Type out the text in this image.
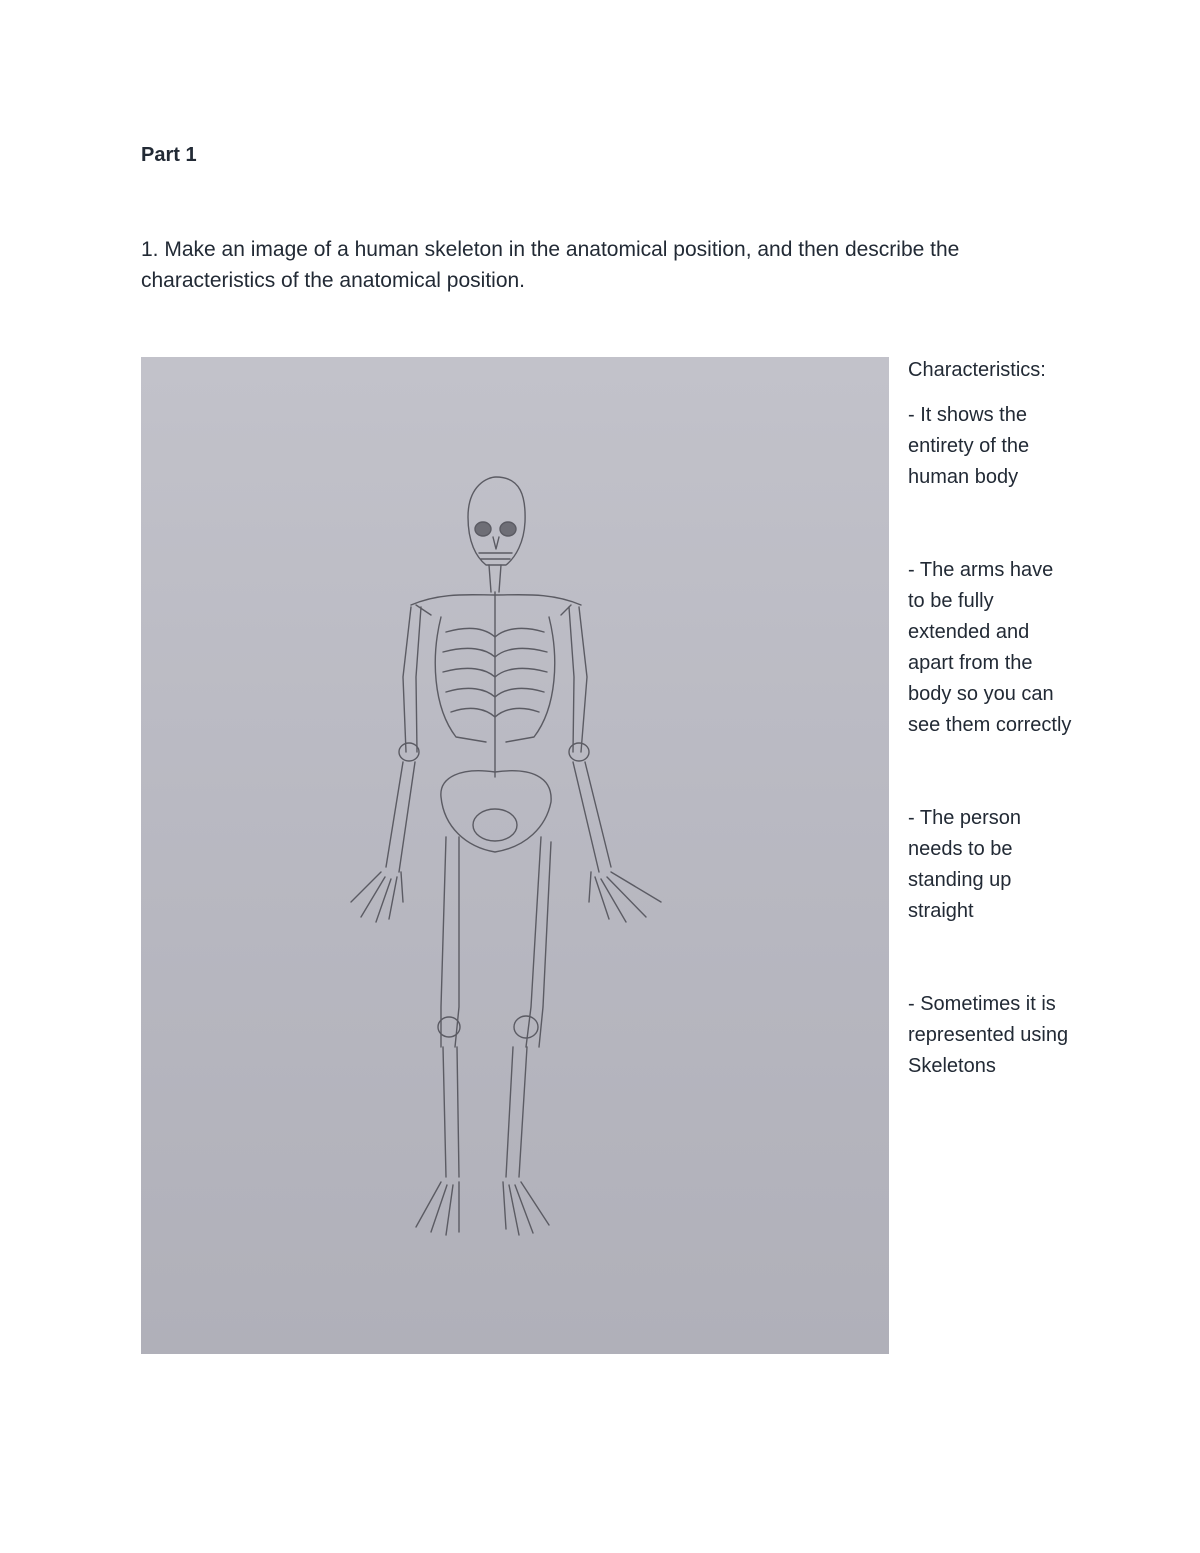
Part 1

1. Make an image of a human skeleton in the anatomical position, and then describe the characteristics of the anatomical position.

Characteristics:

- It shows the entirety of the human body

- The arms have to be fully extended and apart from the body so you can see them correctly

- The person needs to be standing up straight

- Sometimes it is represented using Skeletons
